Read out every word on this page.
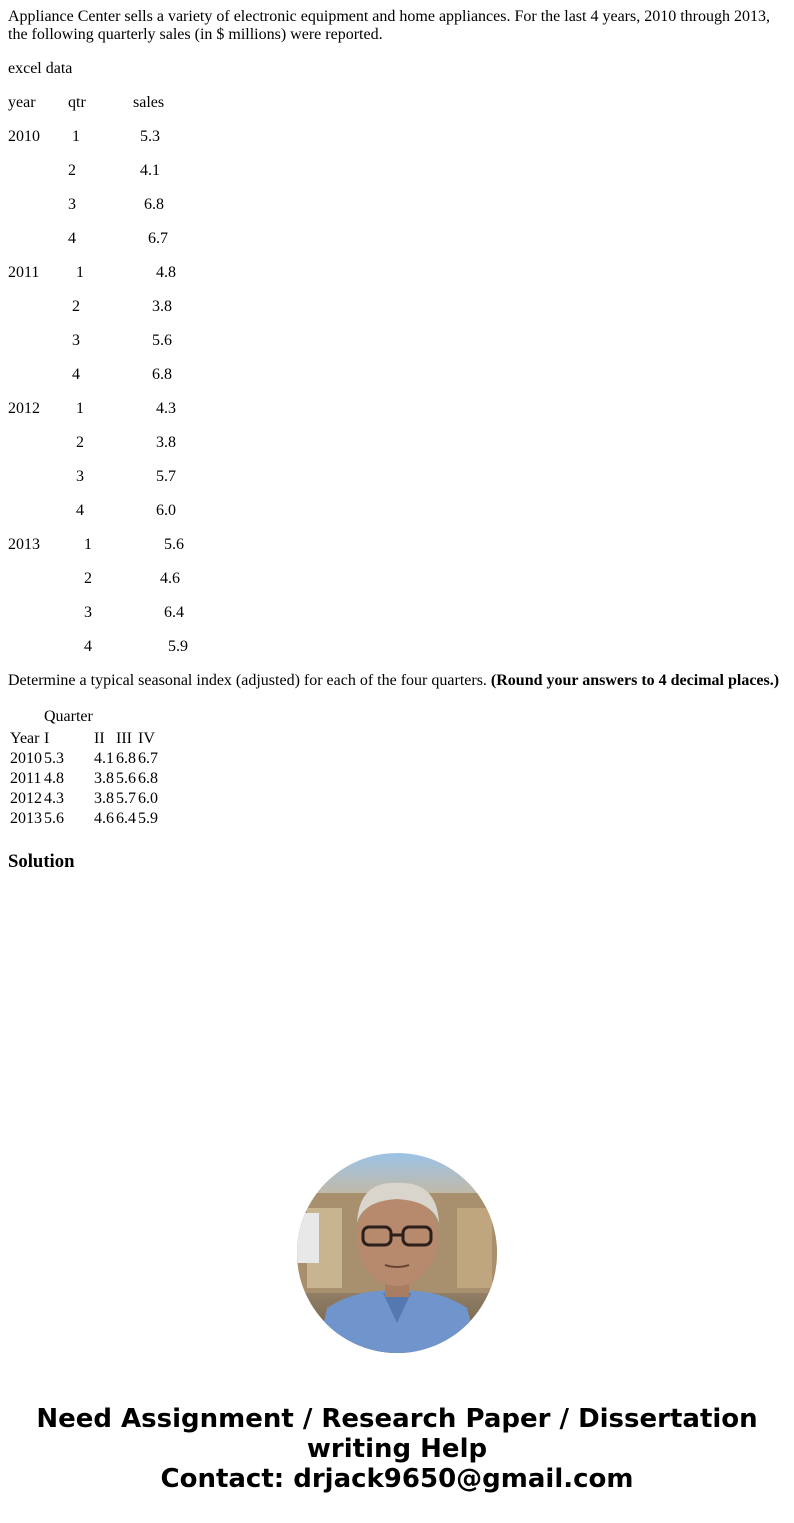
Appliance Center sells a variety of electronic equipment and home appliances. For the last 4 years, 2010 through 2013, the following quarterly sales (in $ millions) were reported.
excel data
year qtr	sales
2010 1	5.3
2	4.1
3	6.8
4	6.7
2011 1	4.8
2	3.8
3	5.6
4	6.8
2012 1	4.3
2	3.8
3	5.7
4	6.0
2013	1	5.6
2	4.6
3	6.4
4	5.9
Determine a typical seasonal index (adjusted) for each of the four quarters. (Round your answers to 4 decimal places.)
Quarter
Year	I	II	III	IV
2010	5.3	4.1	6.8	6.7
2011	4.8	3.8	5.6	6.8
2012	4.3	3.8	5.7	6.0
2013	5.6	4.6	6.4	5.9
Solution
Need Assignment / Research Paper / Dissertation
writing Help
Contact: drjack9650@gmail.com
